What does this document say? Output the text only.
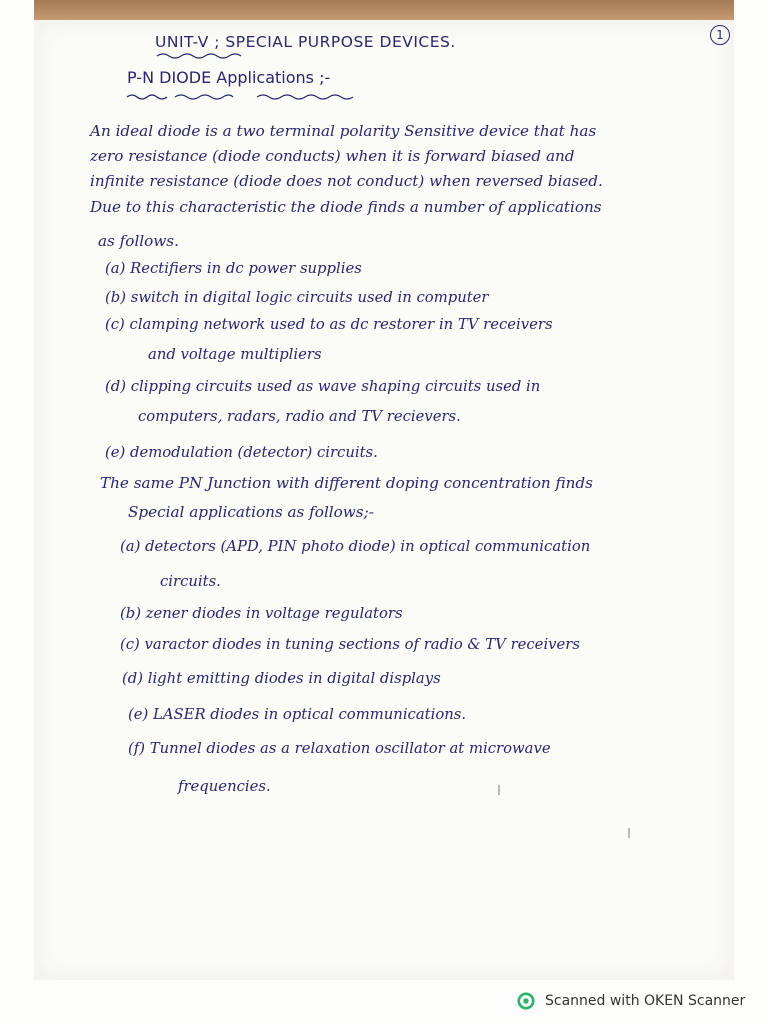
1
UNIT-V ; SPECIAL PURPOSE DEVICES.
P-N DIODE Applications ;-
An ideal diode is a two terminal polarity Sensitive device that has
zero resistance (diode conducts) when it is forward biased and
infinite resistance (diode does not conduct) when reversed biased.
Due to this characteristic the diode finds a number of applications
as follows.
(a) Rectifiers in dc power supplies
(b) switch in digital logic circuits used in computer
(c) clamping network used to as dc restorer in TV receivers
and voltage multipliers
(d) clipping circuits used as wave shaping circuits used in
computers, radars, radio and TV recievers.
(e) demodulation (detector) circuits.
The same PN Junction with different doping concentration finds
Special applications as follows;-
(a) detectors (APD, PIN photo diode) in optical communication
circuits.
(b) zener diodes in voltage regulators
(c) varactor diodes in tuning sections of radio & TV receivers
(d) light emitting diodes in digital displays
(e) LASER diodes in optical communications.
(f) Tunnel diodes as a relaxation oscillator at microwave
frequencies.
Scanned with OKEN Scanner
